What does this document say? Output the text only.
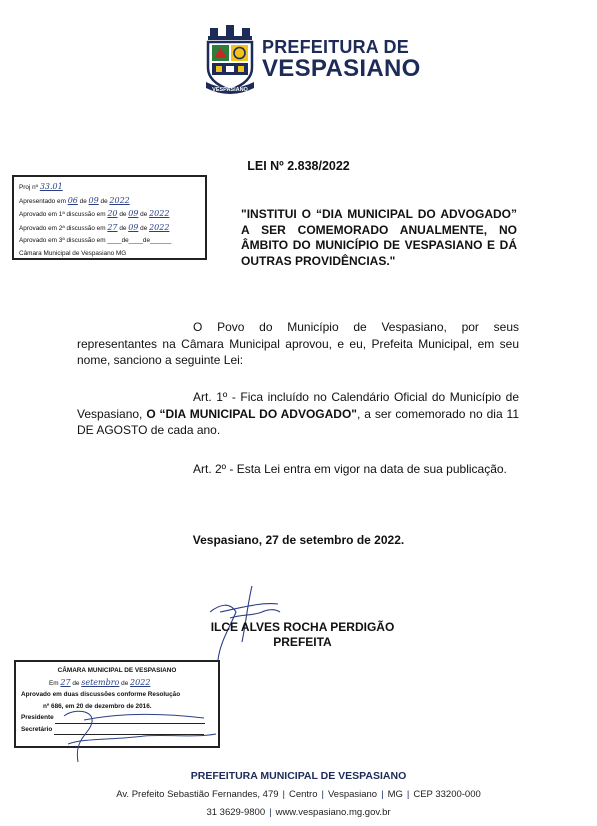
VESPASIANO
PREFEITURA DE
VESPASIANO
LEI Nº 2.838/2022
Proj nº 33.01
Apresentado em 06 de 09 de 2022
Aprovado em 1ª discussão em 20 de 09 de 2022
Aprovado em 2ª discussão em 27 de 09 de 2022
Aprovado em 3ª discussão em ____de____de______
Câmara Municipal de Vespasiano MG
"INSTITUI O “DIA MUNICIPAL DO ADVOGADO” A SER COMEMORADO ANUALMENTE, NO ÂMBITO DO MUNICÍPIO DE VESPASIANO E DÁ OUTRAS PROVIDÊNCIAS."
O Povo do Município de Vespasiano, por seus representantes na Câmara Municipal aprovou, e eu, Prefeita Municipal, em seu nome, sanciono a seguinte Lei:
Art. 1º - Fica incluído no Calendário Oficial do Município de Vespasiano, O “DIA MUNICIPAL DO ADVOGADO", a ser comemorado no dia 11 DE AGOSTO de cada ano.
Art. 2º - Esta Lei entra em vigor na data de sua publicação.
Vespasiano, 27 de setembro de 2022.
ILCE ALVES ROCHA PERDIGÃO
PREFEITA
CÂMARA MUNICIPAL DE VESPASIANO
Em 27 de setembro de 2022
Aprovado em duas discussões conforme Resolução
nº 686, em 20 de dezembro de 2016.
Presidente
Secretário
PREFEITURA MUNICIPAL DE VESPASIANO
Av. Prefeito Sebastião Fernandes, 479 | Centro | Vespasiano | MG | CEP 33200-000
31 3629-9800 | www.vespasiano.mg.gov.br
